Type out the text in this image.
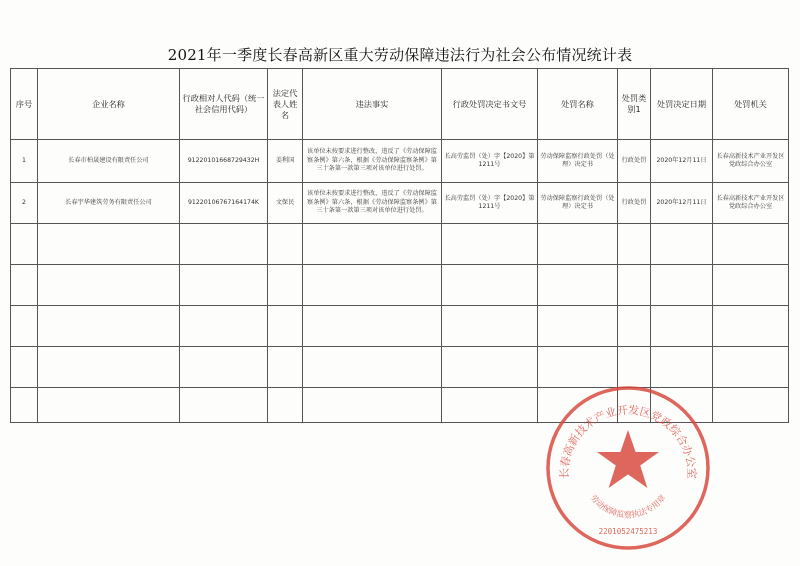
2021年一季度长春高新区重大劳动保障违法行为社会公布情况统计表
序号	企业名称	行政相对人代码（统一社会信用代码）	法定代表人姓名	违法事实	行政处罚决定书文号	处罚名称	处罚类别1	处罚决定日期	处罚机关
1	长春市柏晟建设有限责任公司	91220101668729432H	姜利国	该单位未按要求进行整改，违反了《劳动保障监察条例》第六条，根据《劳动保障监察条例》第三十条第一款第三项对该单位进行处罚。	长高劳监罚（处）字【2020】第1211号	劳动保障监察行政处罚（处理）决定书	行政处罚	2020年12月11日	长春高新技术产业开发区党政综合办公室
2	长春宇华建筑劳务有限责任公司	91220106767164174K	文保民	该单位未按要求进行整改，违反了《劳动保障监察条例》第六条，根据《劳动保障监察条例》第三十条第一款第三项对该单位进行处罚。	长高劳监罚（处）字【2020】第1211号	劳动保障监察行政处罚（处理）决定书	行政处罚	2020年12月11日	长春高新技术产业开发区党政综合办公室

长春高新技术产业开发区党政综合办公室
劳动保障监察执法专用章
2201052475213
